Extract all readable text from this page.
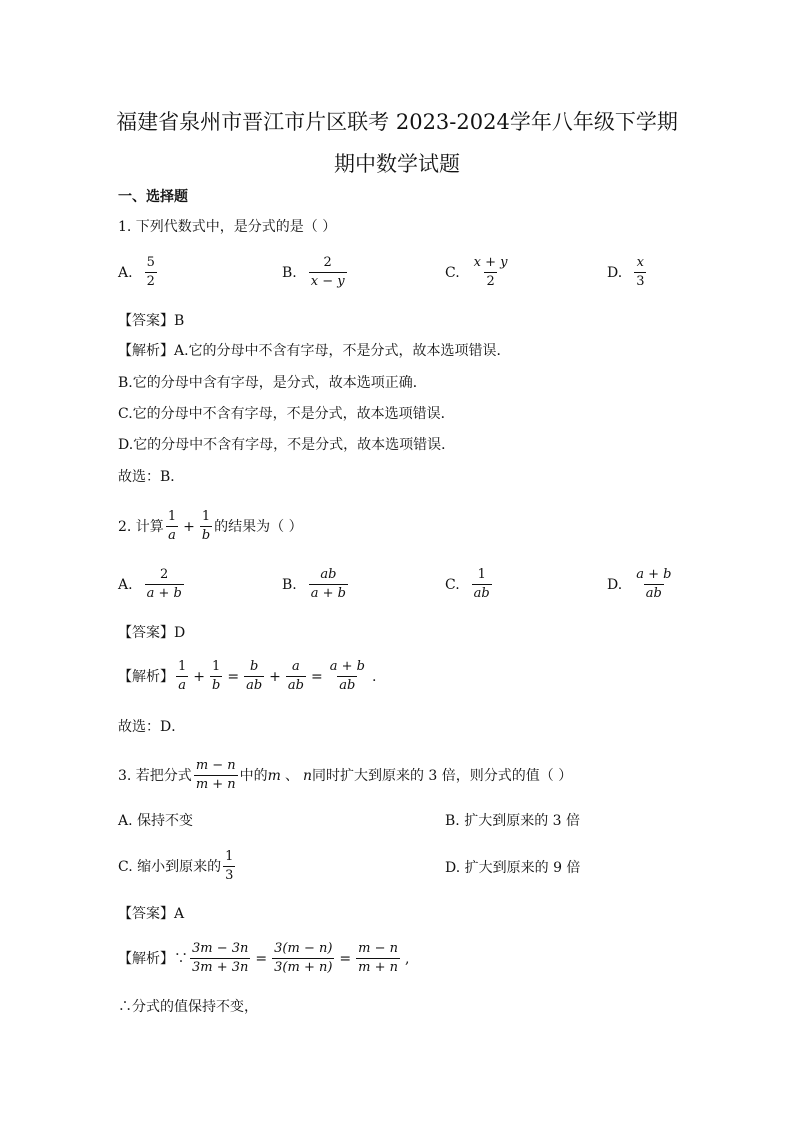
福建省泉州市晋江市片区联考 2023-2024学年八年级下学期
期中数学试题
一、选择题
1. 下列代数式中，是分式的是（ ）
A. $\frac{5}{2}$	B. $\frac{2}{x - y}$	C. $\frac{x + y}{2}$	D. $\frac{x}{3}$
【答案】B
【解析】A.它的分母中不含有字母，不是分式，故本选项错误．
B.它的分母中含有字母，是分式，故本选项正确．
C.它的分母中不含有字母，不是分式，故本选项错误．
D.它的分母中不含有字母，不是分式，故本选项错误．
故选：B．
2. 计算 $\frac{1}{a} + \frac{1}{b}$ 的结果为（ ）
A. $\frac{2}{a + b}$	B. $\frac{ab}{a + b}$	C. $\frac{1}{ab}$	D. $\frac{a + b}{ab}$
【答案】D
【解析】 $\frac{1}{a} + \frac{1}{b} = \frac{b}{ab} + \frac{a}{ab} = \frac{a + b}{ab}$ .
故选：D．
3. 若把分式 $\frac{m - n}{m + n}$ 中的 m 、 n 同时扩大到原来的 3 倍，则分式的值（ ）
A. 保持不变	B. 扩大到原来的 3 倍
C. 缩小到原来的 $\frac{1}{3}$	D. 扩大到原来的 9 倍
【答案】A
【解析】∵ $\frac{3m - 3n}{3m + 3n} = \frac{3(m - n)}{3(m + n)} = \frac{m - n}{m + n}$ ,
∴分式的值保持不变，
